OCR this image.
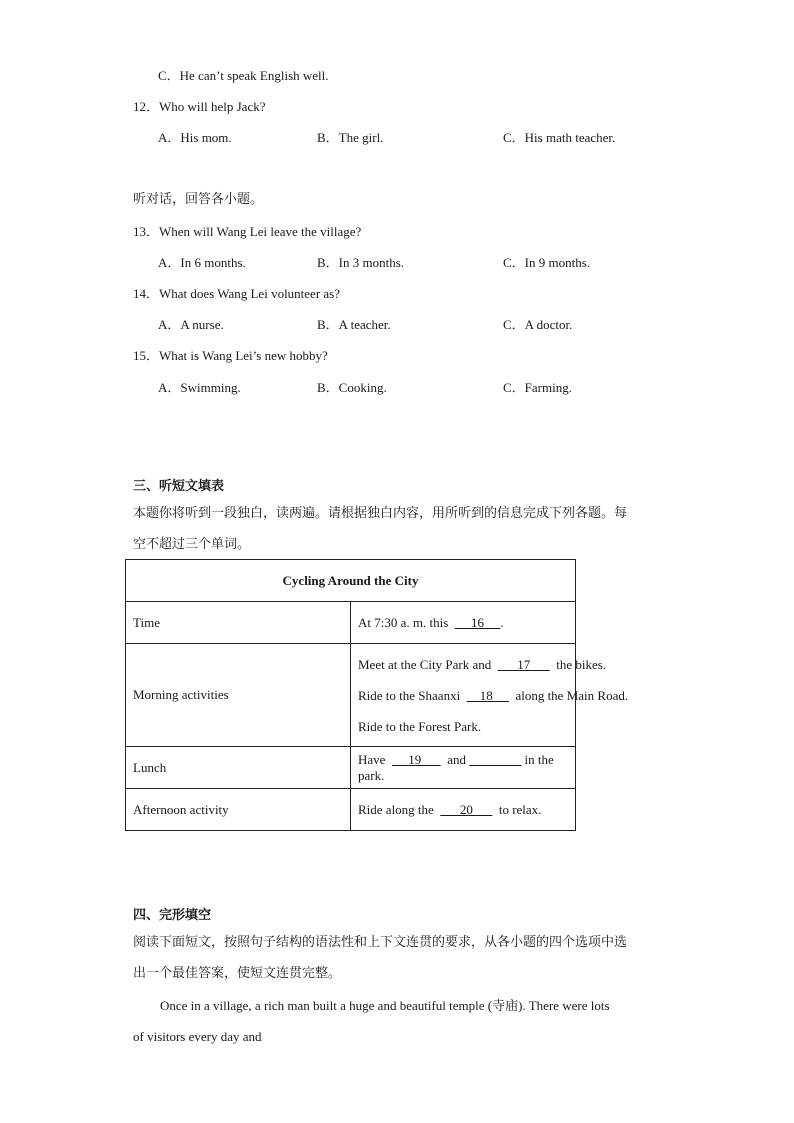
C．He can’t speak English well.
12．Who will help Jack?
A．His mom.	B．The girl.	C．His math teacher.
听对话，回答各小题。
13．When will Wang Lei leave the village?
A．In 6 months.	B．In 3 months.	C．In 9 months.
14．What does Wang Lei volunteer as?
A．A nurse.	B．A teacher.	C．A doctor.
15．What is Wang Lei’s new hobby?
A．Swimming.	B．Cooking.	C．Farming.
三、听短文填表
本题你将听到一段独白，读两遍。请根据独白内容，用所听到的信息完成下列各题。每
空不超过三个单词。
Cycling Around the City	
Time	At 7:30 a. m. this       16     .
Morning activities	Meet at the City Park and        17        the bikes.
Ride to the Shaanxi      18       along the Main Road.
Ride to the Forest Park.

Lunch	Have       19        and in the park.
Afternoon activity	Ride along the        20        to relax.
四、完形填空
阅读下面短文，按照句子结构的语法性和上下文连贯的要求，从各小题的四个选项中选
出一个最佳答案，使短文连贯完整。
Once in a village, a rich man built a huge and beautiful temple (寺庙). There were lots
of visitors every day and
